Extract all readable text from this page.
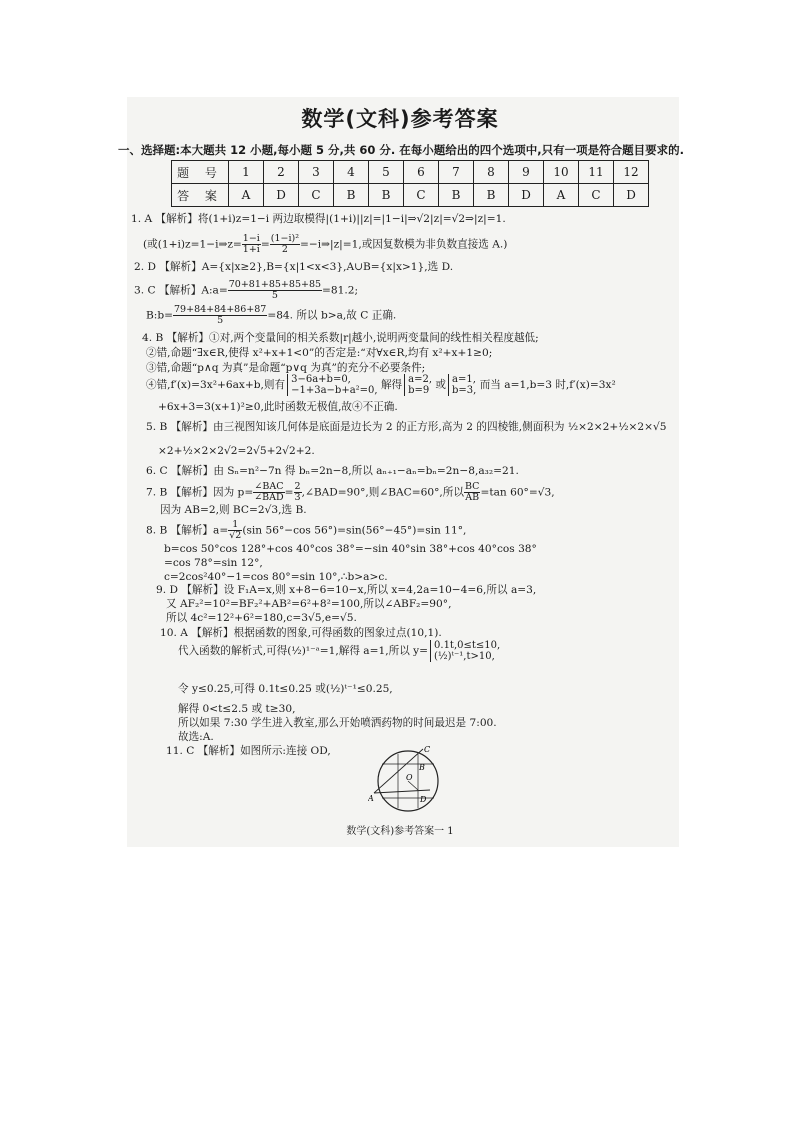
数学(文科)参考答案
一、选择题:本大题共 12 小题,每小题 5 分,共 60 分. 在每小题给出的四个选项中,只有一项是符合题目要求的.
题 号	1	2	3	4	5	6	7	8	9	10	11	12
答 案	A	D	C	B	B	C	B	B	D	A	C	D
1. A 【解析】将(1+i)z=1−i 两边取模得|(1+i)||z|=|1−i|⇒√2|z|=√2⇒|z|=1.
(或(1+i)z=1−i⇒z= $\frac{1-i}{1+i} = \frac{\text{(1−i)²}}{2}$ =−i⇒|z|=1,或因复数模为非负数直接选 A.)
2. D 【解析】A={x|x≥2},B={x|1<x<3},A∪B={x|x>1},选 D.
3. C 【解析】A:a= $\frac{70+81+85+85+85}{5} =81.2$;
B:b= $\frac{79+84+84+86+87}{5} =84$. 所以 b>a,故 C 正确.
4. B 【解析】①对,两个变量间的相关系数|r|越小,说明两变量间的线性相关程度越低;
②错,命题“∃x∈R,使得 x²+x+1<0”的否定是:“对∀x∈R,均有 x²+x+1≥0;
③错,命题“p∧q 为真”是命题“p∨q 为真”的充分不必要条件;
④错,f′(x)=3x²+6ax+b,则有 3−6a+b=0,
−1+3a−b+a²=0, 解得 a=2,
b=9 或 a=1,
b=3, 而当 a=1,b=3 时,f′(x)=3x²
+6x+3=3(x+1)²≥0,此时函数无极值,故④不正确.
5. B 【解析】由三视图知该几何体是底面是边长为 2 的正方形,高为 2 的四棱锥,侧面积为 ½×2×2+½×2×√5
×2+½×2×2√2=2√5+2√2+2.
6. C 【解析】由 Sₙ=n²−7n 得 bₙ=2n−8,所以 aₙ₊₁−aₙ=bₙ=2n−8,a₃₂=21.
7. B 【解析】因为 p= ∠BAC
∠BAD = $\frac{2}{3}$ ,∠BAD=90°,则∠BAC=60°,所以 $\frac{BC}{AB} =\tan$ 60°=√3,
因为 AB=2,则 BC=2√3,选 B.
8. B 【解析】$a= \frac{1}{√2} (\sin$ 56°−cos 56°)=sin(56°−45°)=sin 11°,
b=cos 50°cos 128°+cos 40°cos 38°=−sin 40°sin 38°+cos 40°cos 38°
=cos 78°=sin 12°,
c=2cos²40°−1=cos 80°=sin 10°,∴b>a>c.
9. D 【解析】设 F₁A=x,则 x+8−6=10−x,所以 x=4,2a=10−4=6,所以 a=3,
又 AF₂²=10²=BF₂²+AB²=6²+8²=100,所以∠ABF₂=90°,
所以 4c²=12²+6²=180,c=3√5,e=√5.
10. A 【解析】根据函数的图象,可得函数的图象过点(10,1).
代入函数的解析式,可得(½)¹⁻ᵃ=1,解得 a=1,所以 y= 0.1t,0≤t≤10,
(½)ᵗ⁻¹,t>10,
令 y≤0.25,可得 0.1t≤0.25 或(½)ᵗ⁻¹≤0.25,
解得 0<t≤2.5 或 t≥30,
所以如果 7:30 学生进入教室,那么开始喷洒药物的时间最迟是 7:00.
故选:A.
11. C 【解析】如图所示:连接 OD,	C
B
O
A	D
数学(文科)参考答案一 1
